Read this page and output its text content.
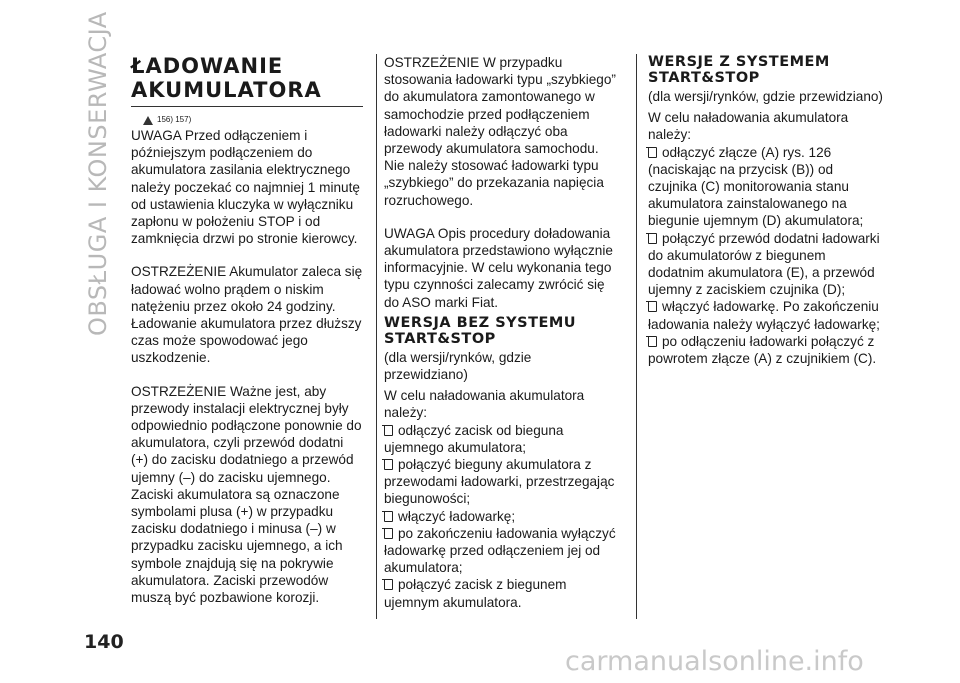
OBSŁUGA I KONSERWACJA
140
ŁADOWANIE
AKUMULATORA
156) 157)

UWAGA Przed odłączeniem i późniejszym podłączeniem do akumulatora zasilania elektrycznego należy poczekać co najmniej 1 minutę od ustawienia kluczyka w wyłączniku zapłonu w położeniu STOP i od zamknięcia drzwi po stronie kierowcy.

OSTRZEŻENIE Akumulator zaleca się ładować wolno prądem o niskim natężeniu przez około 24 godziny. Ładowanie akumulatora przez dłuższy czas może spowodować jego uszkodzenie.

OSTRZEŻENIE Ważne jest, aby przewody instalacji elektrycznej były odpowiednio podłączone ponownie do akumulatora, czyli przewód dodatni (+) do zacisku dodatniego a przewód ujemny (–) do zacisku ujemnego. Zaciski akumulatora są oznaczone symbolami plusa (+) w przypadku zacisku dodatniego i minusa (–) w przypadku zacisku ujemnego, a ich symbole znajdują się na pokrywie akumulatora. Zaciski przewodów muszą być pozbawione korozji.

OSTRZEŻENIE W przypadku stosowania ładowarki typu „szybkiego” do akumulatora zamontowanego w samochodzie przed podłączeniem ładowarki należy odłączyć oba przewody akumulatora samochodu. Nie należy stosować ładowarki typu „szybkiego” do przekazania napięcia rozruchowego.

UWAGA Opis procedury doładowania akumulatora przedstawiono wyłącznie informacyjnie. W celu wykonania tego typu czynności zalecamy zwrócić się do ASO marki Fiat.

WERSJA BEZ SYSTEMU
START&STOP

(dla wersji/rynków, gdzie przewidziano)

W celu naładowania akumulatora należy:

odłączyć zacisk od bieguna ujemnego akumulatora;

połączyć bieguny akumulatora z przewodami ładowarki, przestrzegając biegunowości;

włączyć ładowarkę;

po zakończeniu ładowania wyłączyć ładowarkę przed odłączeniem jej od akumulatora;

połączyć zacisk z biegunem ujemnym akumulatora.

WERSJE Z SYSTEMEM
START&STOP

(dla wersji/rynków, gdzie przewidziano)

W celu naładowania akumulatora należy:

odłączyć złącze (A) rys. 126 (naciskając na przycisk (B)) od czujnika (C) monitorowania stanu akumulatora zainstalowanego na biegunie ujemnym (D) akumulatora;

połączyć przewód dodatni ładowarki do akumulatorów z biegunem dodatnim akumulatora (E), a przewód ujemny z zaciskiem czujnika (D);

włączyć ładowarkę. Po zakończeniu ładowania należy wyłączyć ładowarkę;

po odłączeniu ładowarki połączyć z powrotem złącze (A) z czujnikiem (C).

carmanualsonline.info
